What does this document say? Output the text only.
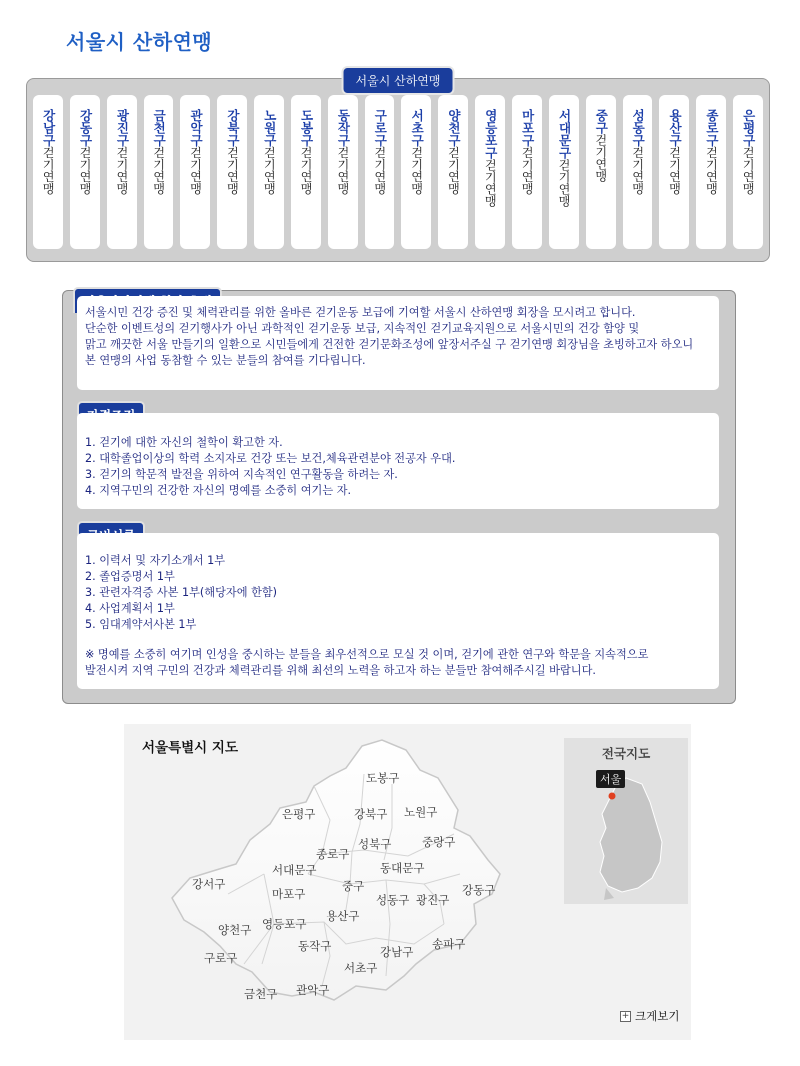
서울시 산하연맹
서울시 산하연맹
강남구걷기연맹
강동구걷기연맹
광진구걷기연맹
금천구걷기연맹
관악구걷기연맹
강북구걷기연맹
노원구걷기연맹
도봉구걷기연맹
동작구걷기연맹
구로구걷기연맹
서초구걷기연맹
양천구걷기연맹
영등포구걷기연맹
마포구걷기연맹
서대문구걷기연맹
중구걷기연맹
성동구걷기연맹
용산구걷기연맹
종로구걷기연맹
은평구걷기연맹

서울시민 건강 증진 및 체력관리를 위한 올바른 걷기운동 보급에 기여할 서울시 산하연맹 회장을 모시려고 합니다.

단순한 이벤트성의 걷기행사가 아닌 과학적인 걷기운동 보급, 지속적인 걷기교육지원으로 서울시민의 건강 함양 및

맑고 깨끗한 서울 만들기의 일환으로 시민들에게 건전한 걷기문화조성에 앞장서주실 구 걷기연맹 회장님을 초빙하고자 하오니

본 연맹의 사업 동참할 수 있는 분들의 참여를 기다립니다.

1. 걷기에 대한 자신의 철학이 확고한 자.

2. 대학졸업이상의 학력 소지자로 건강 또는 보건,체육관련분야 전공자 우대.

3. 걷기의 학문적 발전을 위하여 지속적인 연구활동을 하려는 자.

4. 지역구민의 건강한 자신의 명예를 소중히 여기는 자.

1. 이력서 및 자기소개서 1부

2. 졸업증명서 1부

3. 관련자격증 사본 1부(해당자에 한함)

4. 사업계획서 1부

5. 임대계약서사본 1부

※ 명예를 소중히 여기며 인성을 중시하는 분들을 최우선적으로 모실 것 이며, 걷기에 관한 연구와 학문을 지속적으로

발전시켜 지역 구민의 건강과 체력관리를 위해 최선의 노력을 하고자 하는 분들만 참여해주시길 바랍니다.

도봉구
은평구	강북구 노원구
성북구	중랑구
종로구
서대문구	동대문구
강서구	중구
마포구	성동구 광진구
강동구
용산구
영등포구
양천구
동작구	송파구
강남구
구로구
서초구
금천구 관악구
서울특별시 지도	전국지도
서울
+ 크게보기
